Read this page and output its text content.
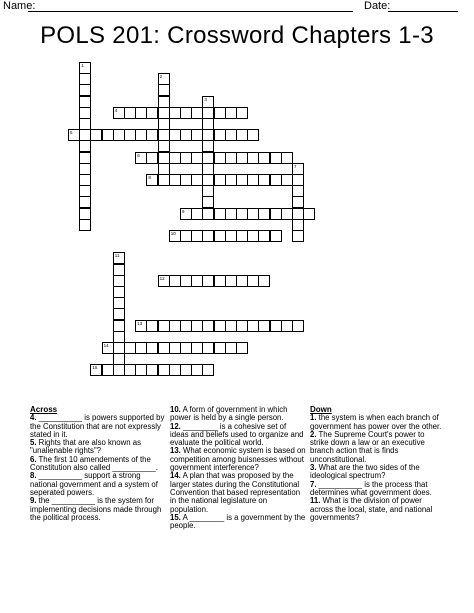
Name:	Date:
POLS 201: Crossword Chapters 1-3
1
2
3
7
11
4
5
6
8
9
10
12
13
14
15
Across
4. __________ is powers supported by the Constitution that are not expressly stated in it.
5. Rights that are also known as "unalienable rights"?
6. The first 10 amendements of the Constitution also called __________.
8. __________ support a strong national government and a system of seperated powers.
9. the __________ is the system for implementing decisions made through the political process.
10. A form of government in which power is held by a single person.
12. ________ is a cohesive set of ideas and beliefs used to organize and evaluate the political world.
13. What economic system is based on competition among buisnesses without government interference?
14. A plan that was proposed by the larger states during the Constitutional Convention that based representation in the national legislature on population.
15. A ________ is a government by the people.
Down
1. the system is when each branch of government has power over the other.
2. The Supreme Court's power to strike down a law or an executive branch action that is finds unconstitutional.
3. What are the two sides of the ideological spectrum?
7. __________ is the process that determines what government does.
11. What is the division of power across the local, state, and national governments?
